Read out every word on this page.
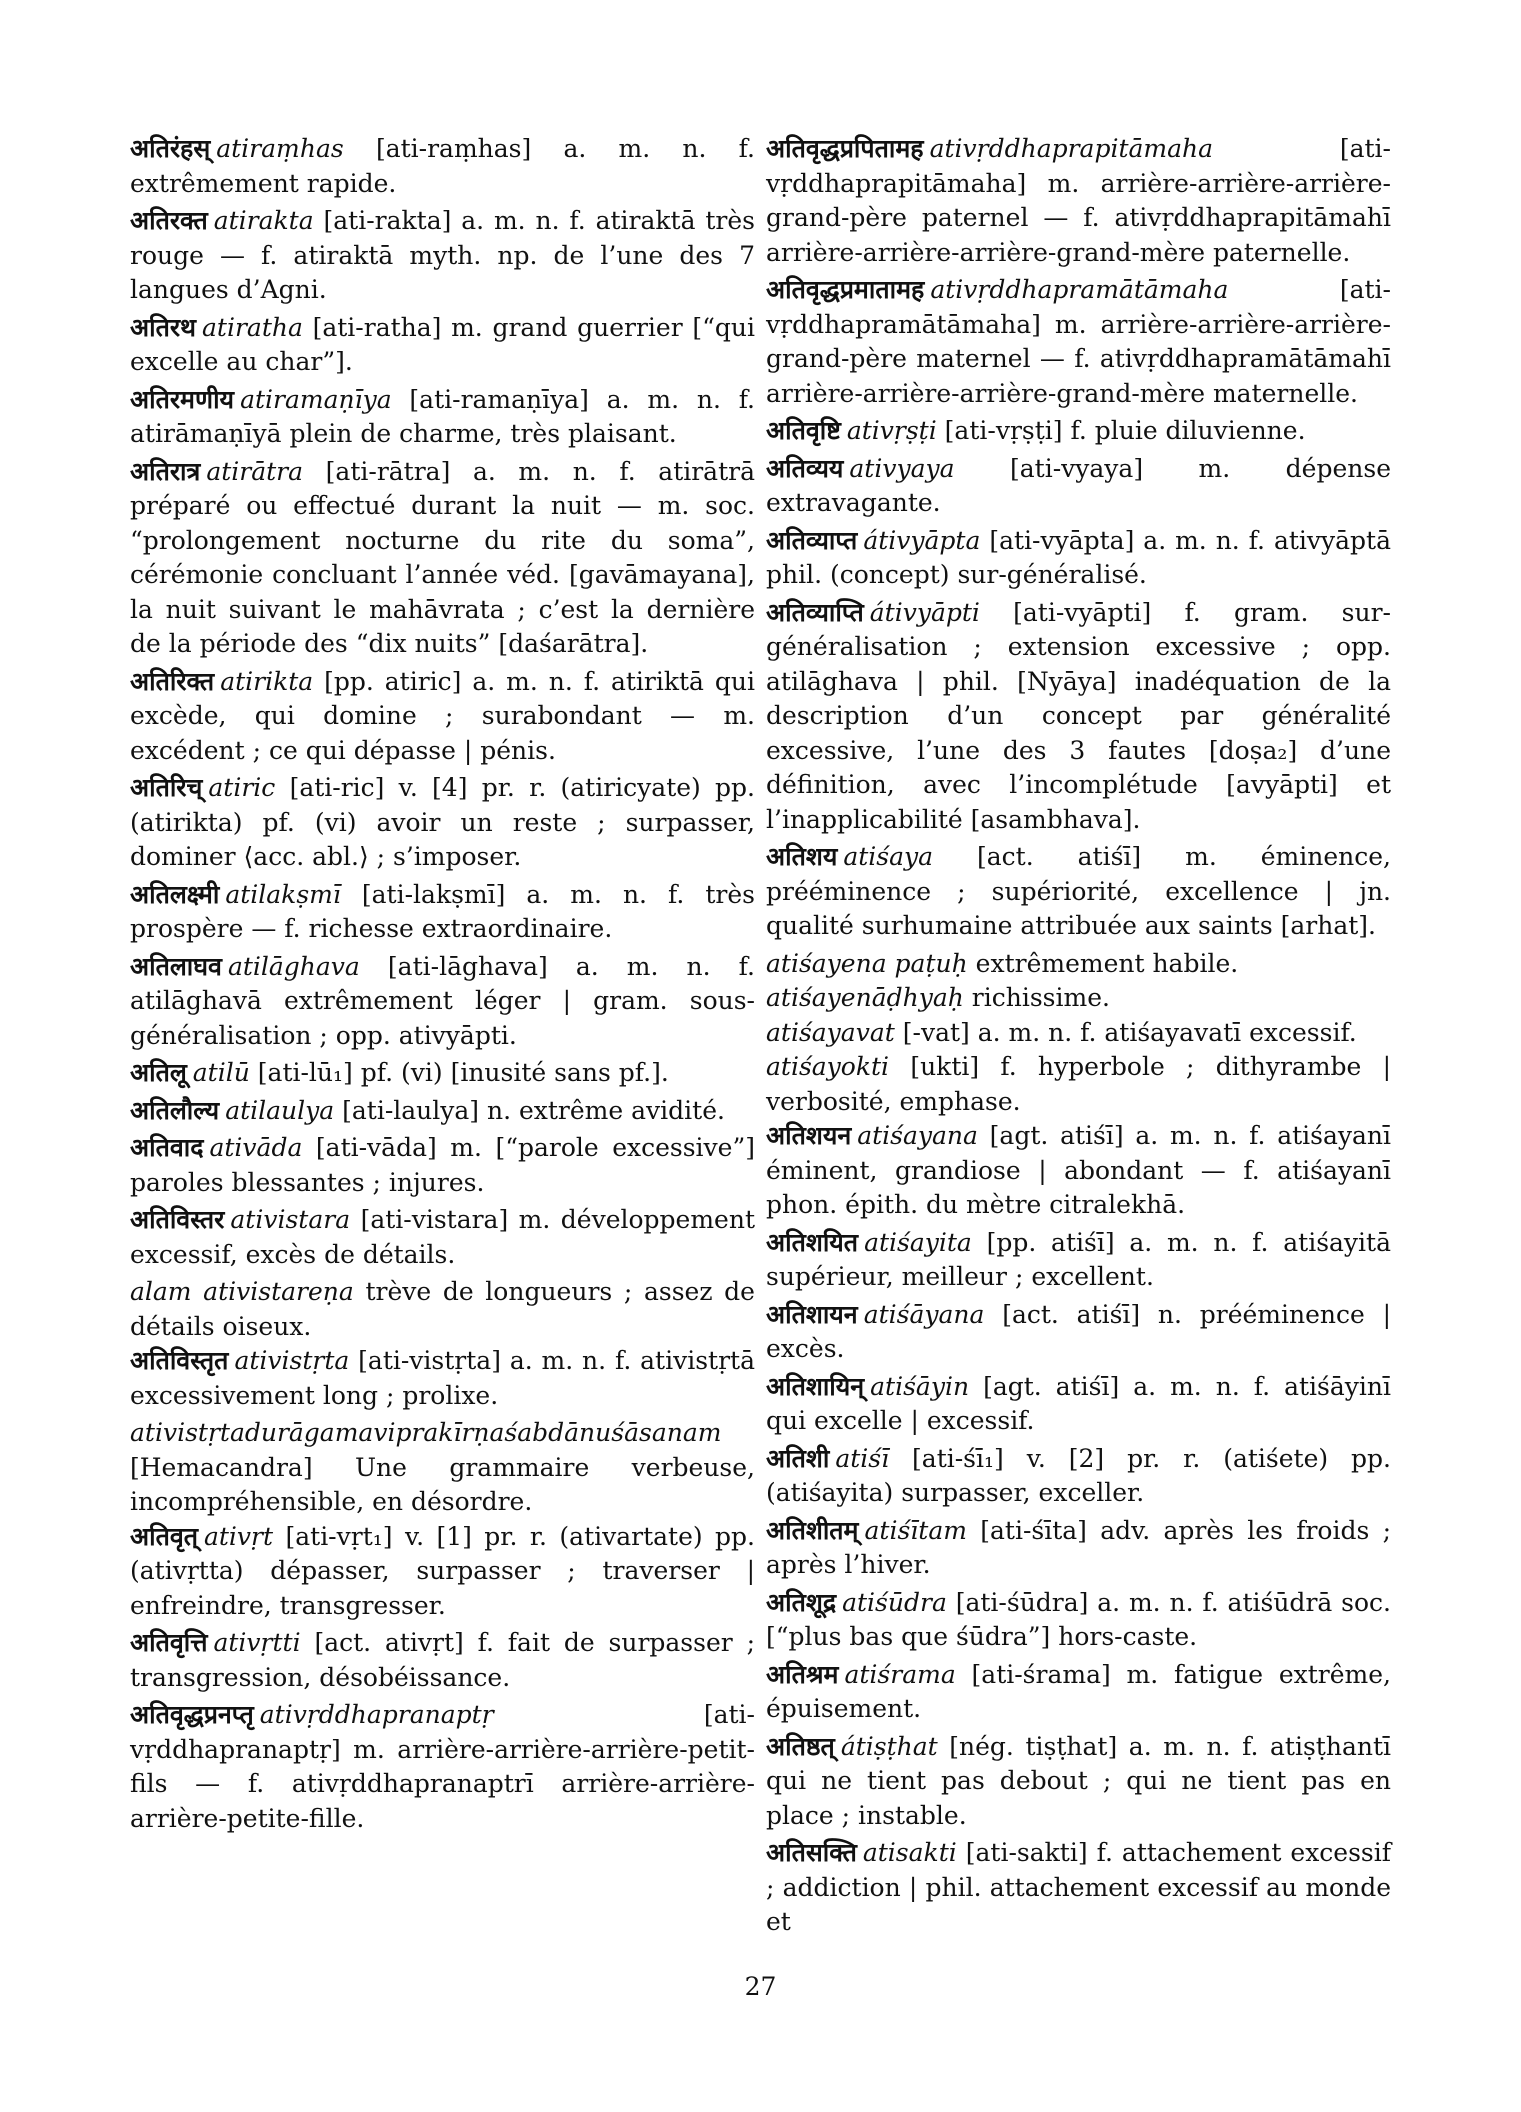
अतिरंहस् atiraṃhas [ati-raṃhas] a. m. n. f. extrêmement rapide.
अतिरक्त atirakta [ati-rakta] a. m. n. f. atiraktā très rouge — f. atiraktā myth. np. de l’une des 7 langues d’Agni.
अतिरथ atiratha [ati-ratha] m. grand guerrier [“qui excelle au char”].
अतिरमणीय atiramaṇīya [ati-ramaṇīya] a. m. n. f. atirāmaṇīyā plein de charme, très plaisant.
अतिरात्र atirātra [ati-rātra] a. m. n. f. atirātrā préparé ou effectué durant la nuit — m. soc. “prolongement nocturne du rite du soma”, cérémonie concluant l’année véd. [gavāmayana], la nuit suivant le mahāvrata ; c’est la dernière de la période des “dix nuits” [daśarātra].
अतिरिक्त atirikta [pp. atiric] a. m. n. f. atiriktā qui excède, qui domine ; surabondant — m. excédent ; ce qui dépasse | pénis.
अतिरिच् atiric [ati-ric] v. [4] pr. r. (atiricyate) pp. (atirikta) pf. (vi) avoir un reste ; surpasser, dominer ⟨acc. abl.⟩ ; s’imposer.
अतिलक्ष्मी atilakṣmī [ati-lakṣmī] a. m. n. f. très prospère — f. richesse extraordinaire.
अतिलाघव atilāghava [ati-lāghava] a. m. n. f. atilāghavā extrêmement léger | gram. sous-généralisation ; opp. ativyāpti.
अतिलू atilū [ati-lū₁] pf. (vi) [inusité sans pf.].
अतिलौल्य atilaulya [ati-laulya] n. extrême avidité.
अतिवाद ativāda [ati-vāda] m. [“parole excessive”] paroles blessantes ; injures.
अतिविस्तर ativistara [ati-vistara] m. développement excessif, excès de détails.
alam ativistareṇa trève de longueurs ; assez de détails oiseux.
अतिविस्तृत ativistṛta [ati-vistṛta] a. m. n. f. ativistṛtā excessivement long ; prolixe.
ativistṛtadurāgamaviprakīrṇaśabdānuśāsanam [Hemacandra] Une grammaire verbeuse, incompréhensible, en désordre.
अतिवृत् ativṛt [ati-vṛt₁] v. [1] pr. r. (ativartate) pp. (ativṛtta) dépasser, surpasser ; traverser | enfreindre, transgresser.
अतिवृत्ति ativṛtti [act. ativṛt] f. fait de surpasser ; transgression, désobéissance.
अतिवृद्धप्रनप्तृ ativṛddhapranaptṛ	[ati-vṛddhapranaptṛ] m. arrière-arrière-arrière-petit-fils — f. ativṛddhapranaptrī arrière-arrière-arrière-petite-fille.
अतिवृद्धप्रपितामह ativṛddhaprapitāmaha	[ati-vṛddhaprapitāmaha] m. arrière-arrière-arrière-grand-père paternel — f. ativṛddhaprapitāmahī arrière-arrière-arrière-grand-mère paternelle.
अतिवृद्धप्रमातामह ativṛddhapramātāmaha	[ati-vṛddhapramātāmaha] m. arrière-arrière-arrière-grand-père maternel — f. ativṛddhapramātāmahī arrière-arrière-arrière-grand-mère maternelle.
अतिवृष्टि ativṛṣṭi [ati-vṛṣṭi] f. pluie diluvienne.
अतिव्यय ativyaya [ati-vyaya] m. dépense extravagante.
अतिव्याप्त átivyāpta [ati-vyāpta] a. m. n. f. ativyāptā phil. (concept) sur-généralisé.
अतिव्याप्ति átivyāpti [ati-vyāpti] f. gram. sur-généralisation ; extension excessive ; opp. atilāghava | phil. [Nyāya] inadéquation de la description d’un concept par généralité excessive, l’une des 3 fautes [doṣa₂] d’une définition, avec l’incomplétude [avyāpti] et l’inapplicabilité [asambhava].
अतिशय atiśaya [act. atiśī] m. éminence, prééminence ; supériorité, excellence | jn. qualité surhumaine attribuée aux saints [arhat].
atiśayena paṭuḥ extrêmement habile.
atiśayenāḍhyaḥ richissime.
atiśayavat [-vat] a. m. n. f. atiśayavatī excessif.
atiśayokti [ukti] f. hyperbole ; dithyrambe | verbosité, emphase.
अतिशयन atiśayana [agt. atiśī] a. m. n. f. atiśayanī éminent, grandiose | abondant — f. atiśayanī phon. épith. du mètre citralekhā.
अतिशयित atiśayita [pp. atiśī] a. m. n. f. atiśayitā supérieur, meilleur ; excellent.
अतिशायन atiśāyana [act. atiśī] n. prééminence | excès.
अतिशायिन् atiśāyin [agt. atiśī] a. m. n. f. atiśāyinī qui excelle | excessif.
अतिशी atiśī [ati-śī₁] v. [2] pr. r. (atiśete) pp. (atiśayita) surpasser, exceller.
अतिशीतम् atiśītam [ati-śīta] adv. après les froids ; après l’hiver.
अतिशूद्र atiśūdra [ati-śūdra] a. m. n. f. atiśūdrā soc. [“plus bas que śūdra”] hors-caste.
अतिश्रम atiśrama [ati-śrama] m. fatigue extrême, épuisement.
अतिष्ठत् átiṣṭhat [nég. tiṣṭhat] a. m. n. f. atiṣṭhantī qui ne tient pas debout ; qui ne tient pas en place ; instable.
अतिसक्ति atisakti [ati-sakti] f. attachement excessif ; addiction | phil. attachement excessif au monde et
27
